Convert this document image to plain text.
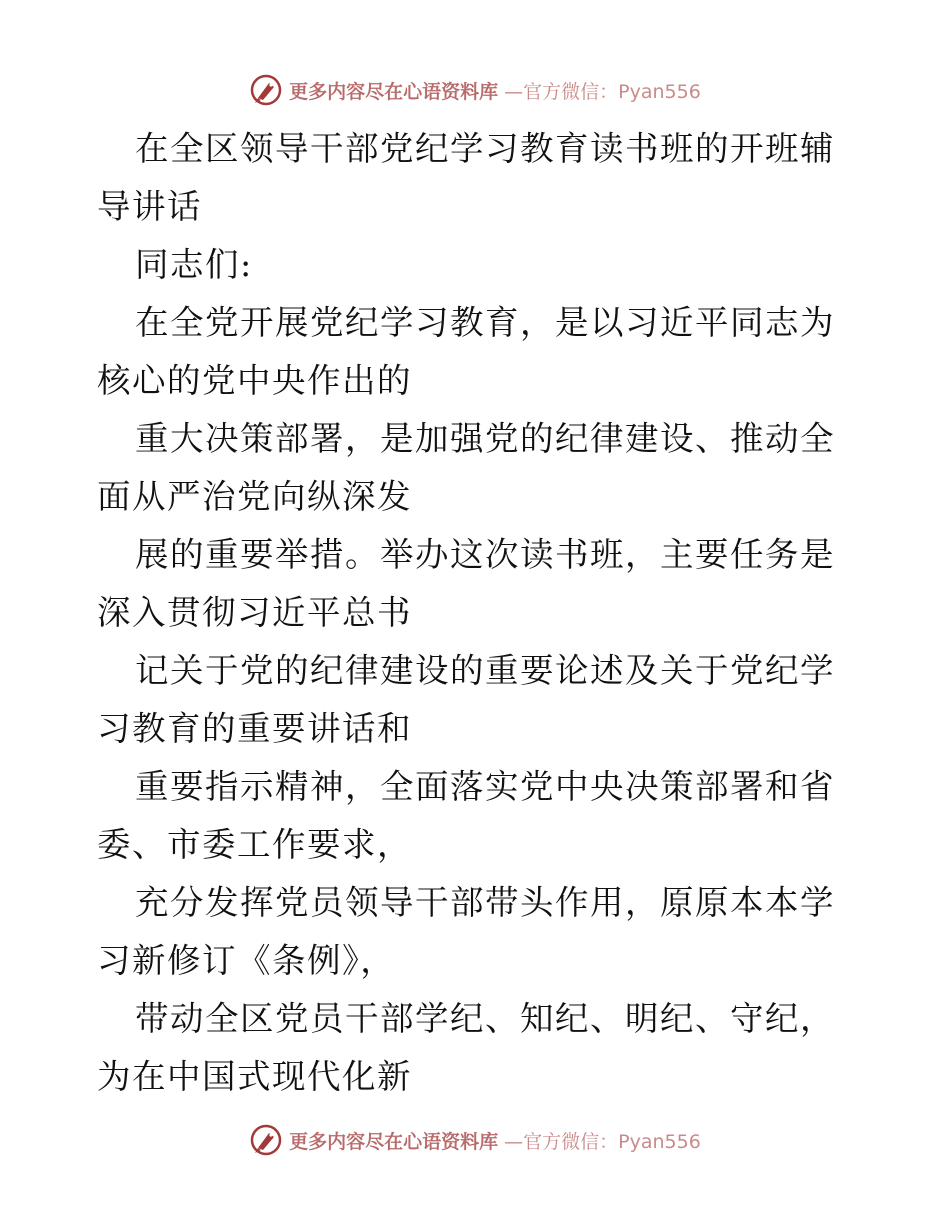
更多内容尽在心语资料库 —官方微信：Pyan556

在全区领导干部党纪学习教育读书班的开班辅导讲话

同志们:

在全党开展党纪学习教育，是以习近平同志为核心的党中央作出的

重大决策部署，是加强党的纪律建设、推动全面从严治党向纵深发

展的重要举措。举办这次读书班，主要任务是深入贯彻习近平总书

记关于党的纪律建设的重要论述及关于党纪学习教育的重要讲话和

重要指示精神，全面落实党中央决策部署和省委、市委工作要求，

充分发挥党员领导干部带头作用，原原本本学习新修订《条例》，

带动全区党员干部学纪、知纪、明纪、守纪，为在中国式现代化新

更多内容尽在心语资料库 —官方微信：Pyan556
